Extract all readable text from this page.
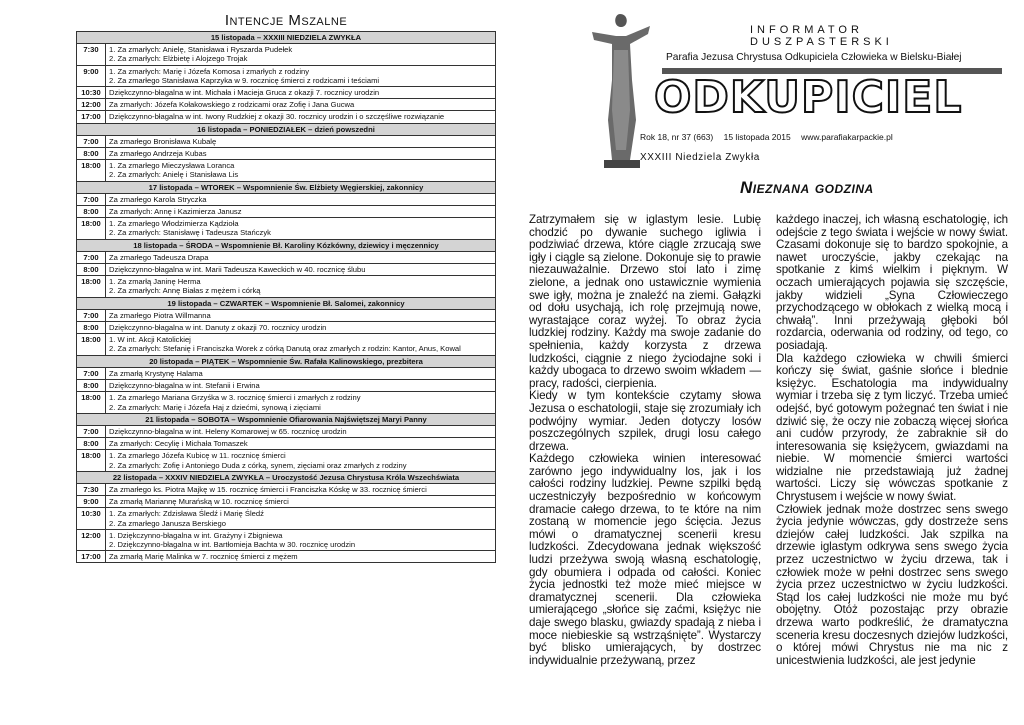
Intencje Mszalne
15 listopada – XXXIII NIEDZIELA ZWYKŁA	
7:30	1. Za zmarłych: Anielę, Stanisława i Ryszarda Pudełek
2. Za zmarłych: Elżbietę i Alojzego Trojak
9:00	1. Za zmarłych: Marię i Józefa Komosa i zmarłych z rodziny
2. Za zmarłego Stanisława Kaprzyka w 9. rocznicę śmierci z rodzicami i teściami
10:30	Dziękczynno-błagalna w int. Michała i Macieja Gruca z okazji 7. rocznicy urodzin
12:00	Za zmarłych: Józefa Kołakowskiego z rodzicami oraz Zofię i Jana Gucwa
17:00	Dziękczynno-błagalna w int. Iwony Rudzkiej z okazji 30. rocznicy urodzin i o szczęśliwe rozwiązanie
16 listopada – PONIEDZIAŁEK – dzień powszedni	
7:00	Za zmarłego Bronisława Kubalę
8:00	Za zmarłego Andrzeja Kubas
18:00	1. Za zmarłego Mieczysława Loranca
2. Za zmarłych: Anielę i Stanisława Lis
17 listopada – WTOREK – Wspomnienie Św. Elżbiety Węgierskiej, zakonnicy	
7:00	Za zmarłego Karola Stryczka
8:00	Za zmarłych: Annę i Kazimierza Janusz
18:00	1. Za zmarłego Włodzimierza Kądzioła
2. Za zmarłych: Stanisławę i Tadeusza Stańczyk
18 listopada – ŚRODA – Wspomnienie Bł. Karoliny Kózkówny, dziewicy i męczennicy	
7:00	Za zmarłego Tadeusza Drapa
8:00	Dziękczynno-błagalna w int. Marii Tadeusza Kaweckich w 40. rocznicę ślubu
18:00	1. Za zmarłą Janinę Herma
2. Za zmarłych: Annę Białas z mężem i córką
19 listopada – CZWARTEK – Wspomnienie Bł. Salomei, zakonnicy	
7:00	Za zmarłego Piotra Willmanna
8:00	Dziękczynno-błagalna w int. Danuty z okazji 70. rocznicy urodzin
18:00	1. W int. Akcji Katolickiej
2. Za zmarłych: Stefanię i Franciszka Worek z córką Danutą oraz zmarłych z rodzin: Kantor, Anus, Kowal
20 listopada – PIĄTEK – Wspomnienie Św. Rafała Kalinowskiego, prezbitera	
7:00	Za zmarłą Krystynę Halama
8:00	Dziękczynno-błagalna w int. Stefanii i Erwina
18:00	1. Za zmarłego Mariana Grzyśka w 3. rocznicę śmierci i zmarłych z rodziny
2. Za zmarłych: Marię i Józefa Haj z dziećmi, synową i zięciami
21 listopada – SOBOTA – Wspomnienie Ofiarowania Najświętszej Maryi Panny	
7:00	Dziękczynno-błagalna w int. Heleny Komarowej w 65. rocznicę urodzin
8:00	Za zmarłych: Cecylię i Michała Tomaszek
18:00	1. Za zmarłego Józefa Kubicę w 11. rocznicę śmierci
2. Za zmarłych: Zofię i Antoniego Duda z córką, synem, zięciami oraz zmarłych z rodziny
22 listopada – XXXIV NIEDZIELA ZWYKŁA – Uroczystość Jezusa Chrystusa Króla Wszechświata	
7:30	Za zmarłego ks. Piotra Majkę w 15. rocznicę śmierci i Franciszka Kóskę w 33. rocznicę śmierci
9:00	Za zmarłą Mariannę Murańską w 10. rocznicę śmierci
10:30	1. Za zmarłych: Zdzisława Śledź i Marię Śledź
2. Za zmarłego Janusza Berskiego
12:00	1. Dziękczynno-błagalna w int. Grażyny i Zbigniewa
2. Dziękczynno-błagalna w int. Bartłomieja Bachta w 30. rocznicę urodzin
17:00	Za zmarłą Marię Malinka w 7. rocznicę śmierci z mężem
INFORMATOR DUSZPASTERSKI
Parafia Jezusa Chrystusa Odkupiciela Człowieka w Bielsku-Białej
ODKUPICIEL
Rok 18, nr 37 (663) 15 listopada 2015 www.parafiakarpackie.pl
XXXIII Niedziela Zwykła
Nieznana godzina

Zatrzymałem się w iglastym lesie. Lubię chodzić po dywanie suchego igliwia i podziwiać drzewa, które ciągle zrzucają swe igły i ciągle są zielone. Dokonuje się to prawie niezauważalnie. Drzewo stoi lato i zimę zielone, a jednak ono ustawicznie wymienia swe igły, można je znaleźć na ziemi. Gałązki od dołu usychają, ich rolę przejmują nowe, wyrastające coraz wyżej. To obraz życia ludzkiej rodziny. Każdy ma swoje zadanie do spełnienia, każdy korzysta z drzewa ludzkości, ciągnie z niego życiodajne soki i każdy ubogaca to drzewo swoim wkładem — pracy, radości, cierpienia.

Kiedy w tym kontekście czytamy słowa Jezusa o eschatologii, staje się zrozumiały ich podwójny wymiar. Jeden dotyczy losów poszczególnych szpilek, drugi losu całego drzewa.

Każdego człowieka winien interesować zarówno jego indywidualny los, jak i los całości rodziny ludzkiej. Pewne szpilki będą uczestniczyły bezpośrednio w końcowym dramacie całego drzewa, to te które na nim zostaną w momencie jego ścięcia. Jezus mówi o dramatycznej scenerii kresu ludzkości. Zdecydowana jednak większość ludzi przeżywa swoją własną eschatologię, gdy obumiera i odpada od całości. Koniec życia jednostki też może mieć miejsce w dramatycznej scenerii. Dla człowieka umierającego „słońce się zaćmi, księżyc nie daje swego blasku, gwiazdy spadają z nieba i moce niebieskie są wstrząśnięte”. Wystarczy być blisko umierających, by dostrzec indywidualnie przeżywaną, przez

każdego inaczej, ich własną eschatologię, ich odejście z tego świata i wejście w nowy świat. Czasami dokonuje się to bardzo spokojnie, a nawet uroczyście, jakby czekając na spotkanie z kimś wielkim i pięknym. W oczach umierających pojawia się szczęście, jakby widzieli „Syna Człowieczego przychodzącego w obłokach z wielką mocą i chwałą”. Inni przeżywają głęboki ból rozdarcia, oderwania od rodziny, od tego, co posiadają.

Dla każdego człowieka w chwili śmierci kończy się świat, gaśnie słońce i blednie księżyc. Eschatologia ma indywidualny wymiar i trzeba się z tym liczyć. Trzeba umieć odejść, być gotowym pożegnać ten świat i nie dziwić się, że oczy nie zobaczą więcej słońca ani cudów przyrody, że zabraknie sił do interesowania się księżycem, gwiazdami na niebie. W momencie śmierci wartości widzialne nie przedstawiają już żadnej wartości. Liczy się wówczas spotkanie z Chrystusem i wejście w nowy świat.

Człowiek jednak może dostrzec sens swego życia jedynie wówczas, gdy dostrzeże sens dziejów całej ludzkości. Jak szpilka na drzewie iglastym odkrywa sens swego życia przez uczestnictwo w życiu drzewa, tak i człowiek może w pełni dostrzec sens swego życia przez uczestnictwo w życiu ludzkości. Stąd los całej ludzkości nie może mu być obojętny. Otóż pozostając przy obrazie drzewa warto podkreślić, że dramatyczna sceneria kresu doczesnych dziejów ludzkości, o której mówi Chrystus nie ma nic z unicestwienia ludzkości, ale jest jedynie
